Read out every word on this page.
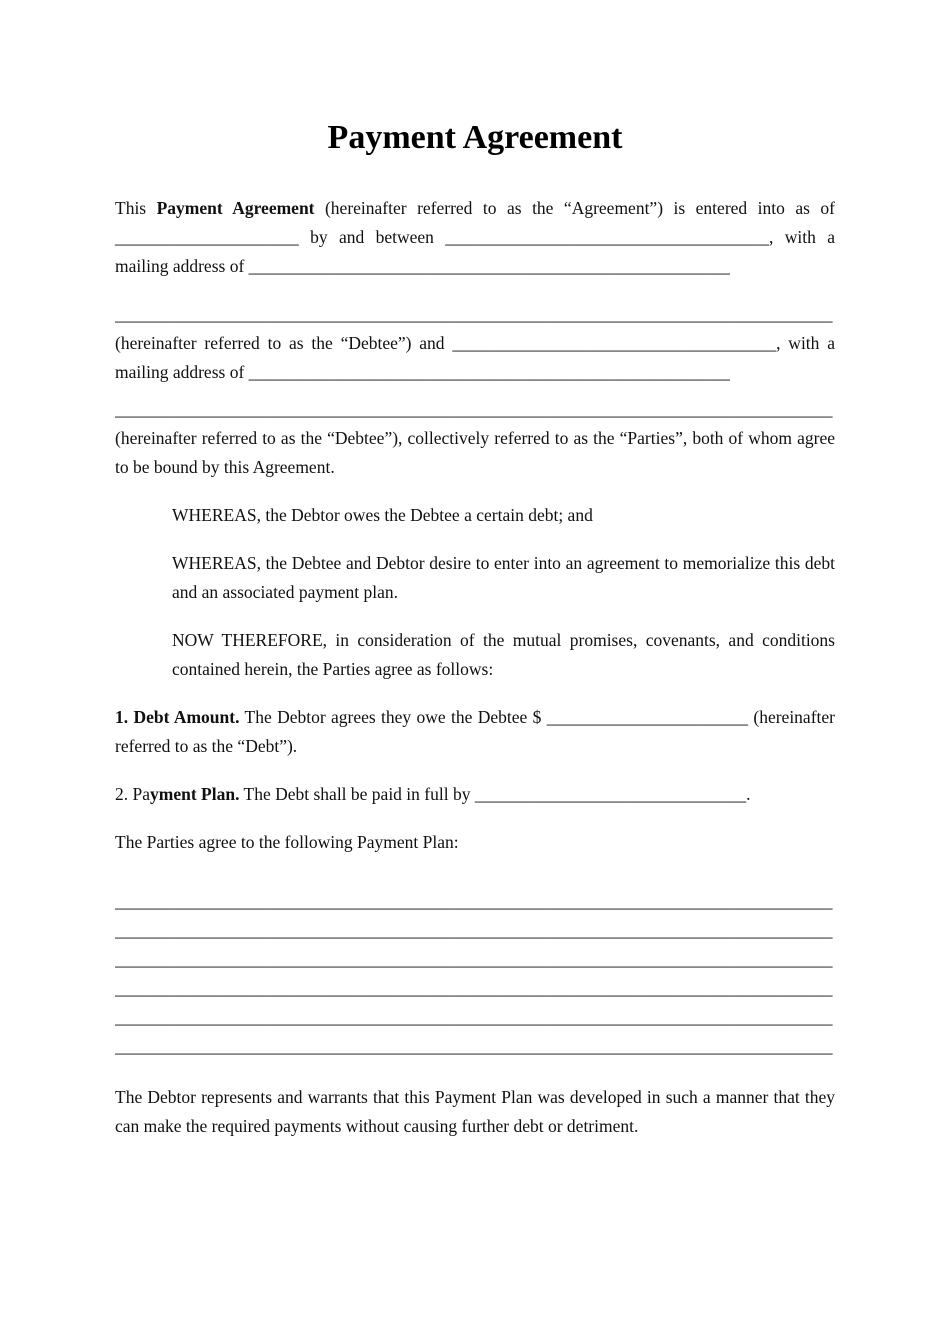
Payment Agreement

This Payment Agreement (hereinafter referred to as the “Agreement”) is entered into as of _____________________ by and between _____________________________________, with a mailing address of _______________________________________________________

__________________________________________________________________________________
(hereinafter referred to as the “Debtee”) and _____________________________________, with a mailing address of _______________________________________________________
__________________________________________________________________________________
(hereinafter referred to as the “Debtee”), collectively referred to as the “Parties”, both of whom agree to be bound by this Agreement.

WHEREAS, the Debtor owes the Debtee a certain debt; and

WHEREAS, the Debtee and Debtor desire to enter into an agreement to memorialize this debt and an associated payment plan.

NOW THEREFORE, in consideration of the mutual promises, covenants, and conditions contained herein, the Parties agree as follows:

1. Debt Amount. The Debtor agrees they owe the Debtee $ _______________________ (hereinafter referred to as the “Debt”).

2. Payment Plan. The Debt shall be paid in full by _______________________________.

The Parties agree to the following Payment Plan:

__________________________________________________________________________________
__________________________________________________________________________________
__________________________________________________________________________________
__________________________________________________________________________________
__________________________________________________________________________________
__________________________________________________________________________________

The Debtor represents and warrants that this Payment Plan was developed in such a manner that they can make the required payments without causing further debt or detriment.
